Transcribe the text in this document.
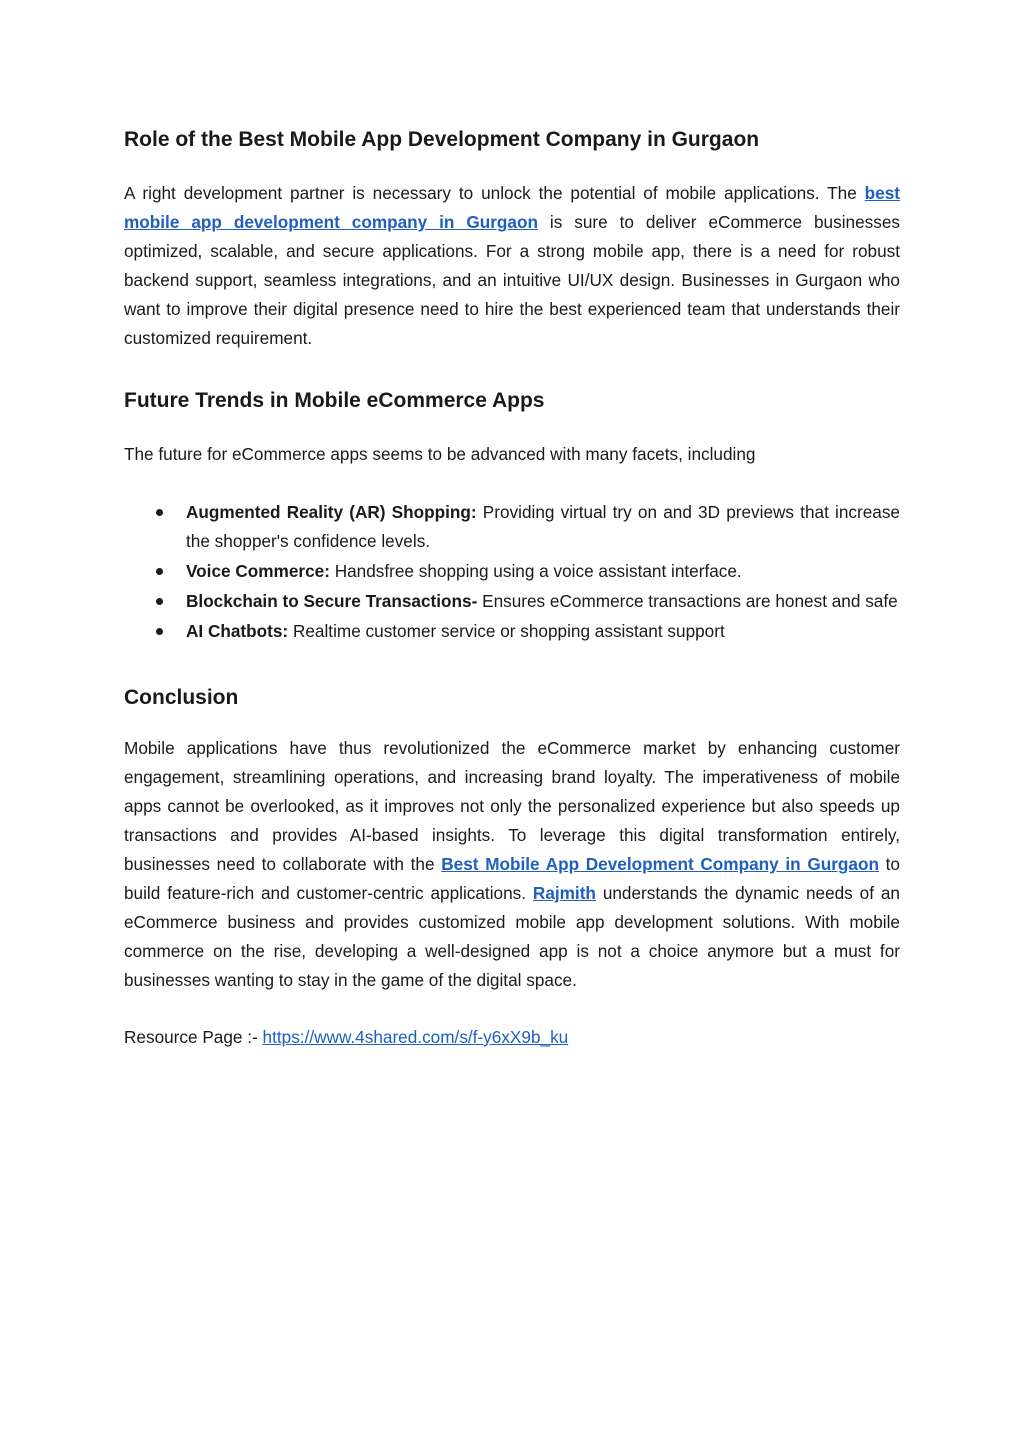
Role of the Best Mobile App Development Company in Gurgaon

A right development partner is necessary to unlock the potential of mobile applications. The best mobile app development company in Gurgaon is sure to deliver eCommerce businesses optimized, scalable, and secure applications. For a strong mobile app, there is a need for robust backend support, seamless integrations, and an intuitive UI/UX design. Businesses in Gurgaon who want to improve their digital presence need to hire the best experienced team that understands their customized requirement.

Future Trends in Mobile eCommerce Apps

The future for eCommerce apps seems to be advanced with many facets, including

Augmented Reality (AR) Shopping: Providing virtual try on and 3D previews that increase the shopper's confidence levels.
Voice Commerce: Handsfree shopping using a voice assistant interface.
Blockchain to Secure Transactions- Ensures eCommerce transactions are honest and safe
AI Chatbots: Realtime customer service or shopping assistant support
Conclusion

Mobile applications have thus revolutionized the eCommerce market by enhancing customer engagement, streamlining operations, and increasing brand loyalty. The imperativeness of mobile apps cannot be overlooked, as it improves not only the personalized experience but also speeds up transactions and provides AI-based insights. To leverage this digital transformation entirely, businesses need to collaborate with the Best Mobile App Development Company in Gurgaon to build feature-rich and customer-centric applications. Rajmith understands the dynamic needs of an eCommerce business and provides customized mobile app development solutions. With mobile commerce on the rise, developing a well-designed app is not a choice anymore but a must for businesses wanting to stay in the game of the digital space.

Resource Page :- https://www.4shared.com/s/f-y6xX9b_ku
